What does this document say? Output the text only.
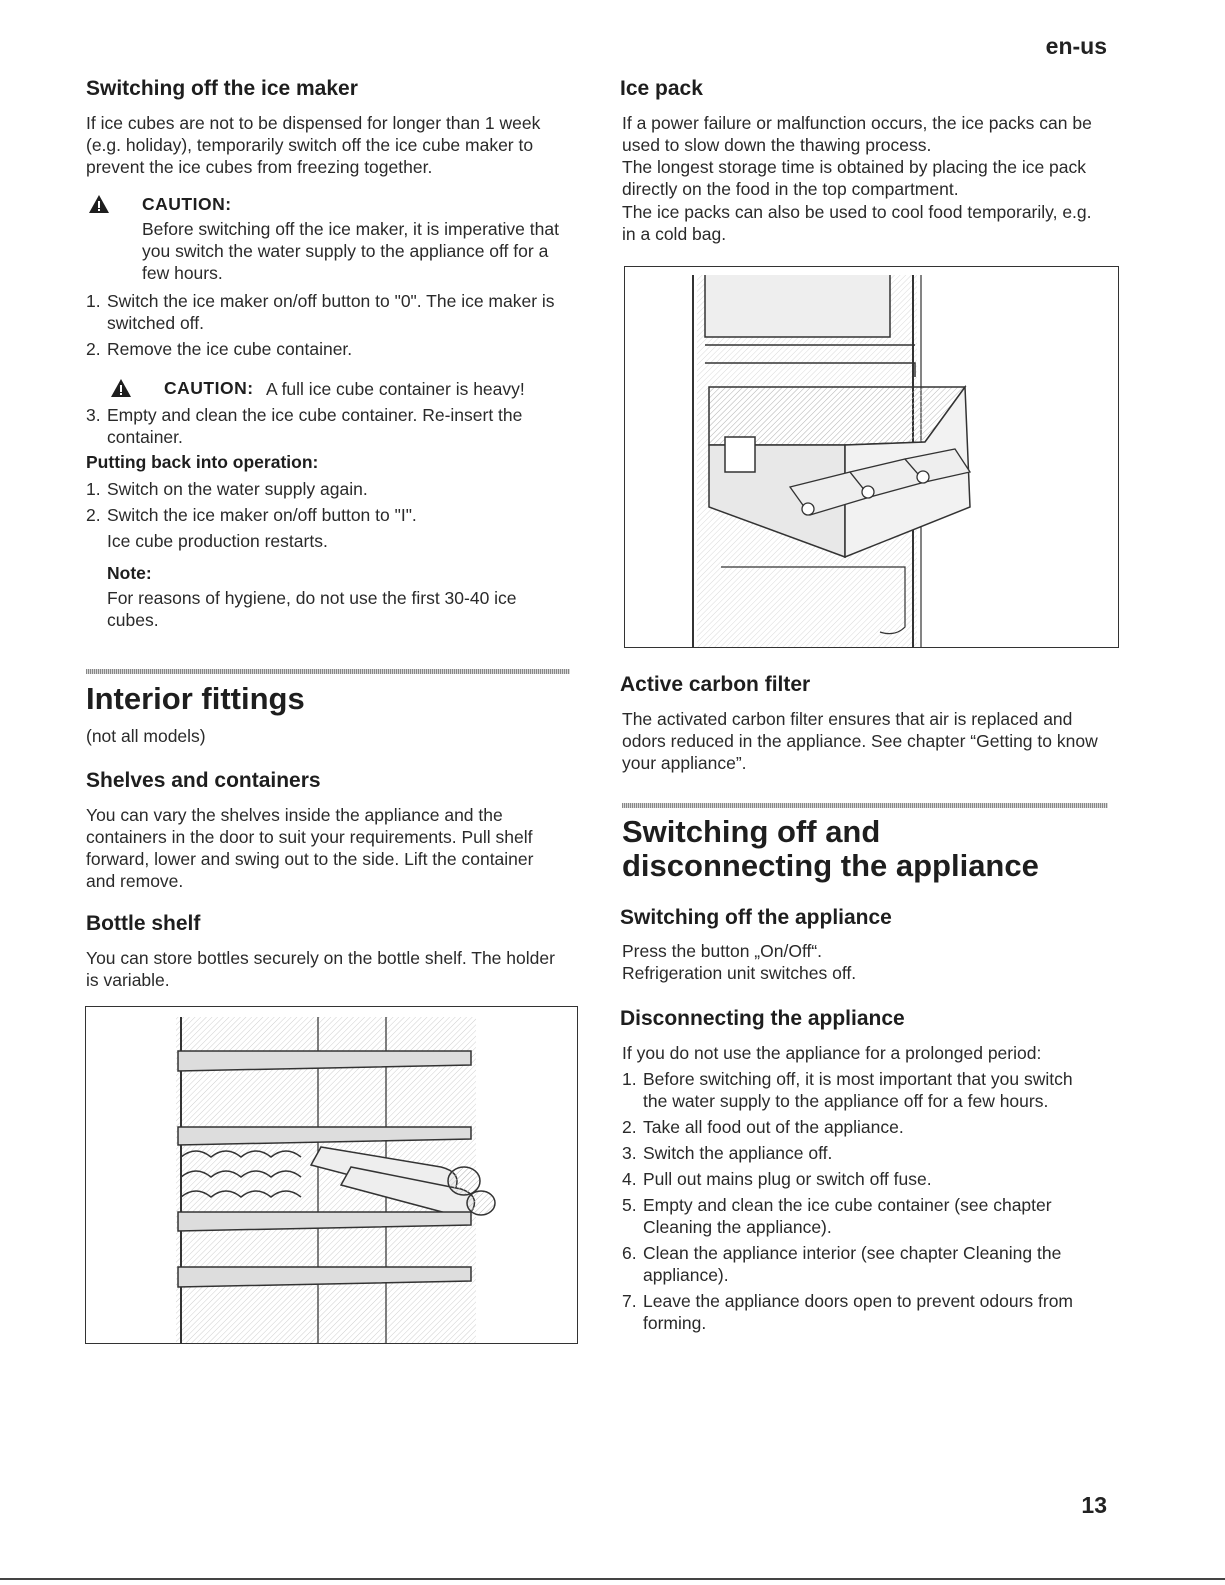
en-us
Switching off the ice maker

If ice cubes are not to be dispensed for longer than 1 week (e.g. holiday), temporarily switch off the ice cube maker to prevent the ice cubes from freezing together.

CAUTION:

Before switching off the ice maker, it is imperative that you switch the water supply to the appliance off for a few hours.

1. Switch the ice maker on/off button to "0". The ice maker is switched off.
2. Remove the ice cube container.
CAUTION: A full ice cube container is heavy!
3. Empty and clean the ice cube container. Re-insert the container.
Putting back into operation:
1. Switch on the water supply again.
2. Switch the ice maker on/off button to "I".

Ice cube production restarts.

Note:

For reasons of hygiene, do not use the first 30-40 ice cubes.

Interior fittings

(not all models)

Shelves and containers

You can vary the shelves inside the appliance and the containers in the door to suit your requirements. Pull shelf forward, lower and swing out to the side. Lift the container and remove.

Bottle shelf

You can store bottles securely on the bottle shelf. The holder is variable.

Ice pack

If a power failure or malfunction occurs, the ice packs can be used to slow down the thawing process.

The longest storage time is obtained by placing the ice pack directly on the food in the top compartment.

The ice packs can also be used to cool food temporarily, e.g. in a cold bag.

Active carbon filter

The activated carbon filter ensures that air is replaced and odors reduced in the appliance. See chapter “Getting to know your appliance”.

Switching off and
disconnecting the appliance
Switching off the appliance

Press the button „On/Off“.

Refrigeration unit switches off.

Disconnecting the appliance

If you do not use the appliance for a prolonged period:

1. Before switching off, it is most important that you switch the water supply to the appliance off for a few hours.
2. Take all food out of the appliance.
3. Switch the appliance off.
4. Pull out mains plug or switch off fuse.
5. Empty and clean the ice cube container (see chapter Cleaning the appliance).
6. Clean the appliance interior (see chapter Cleaning the appliance).
7. Leave the appliance doors open to prevent odours from forming.
13
